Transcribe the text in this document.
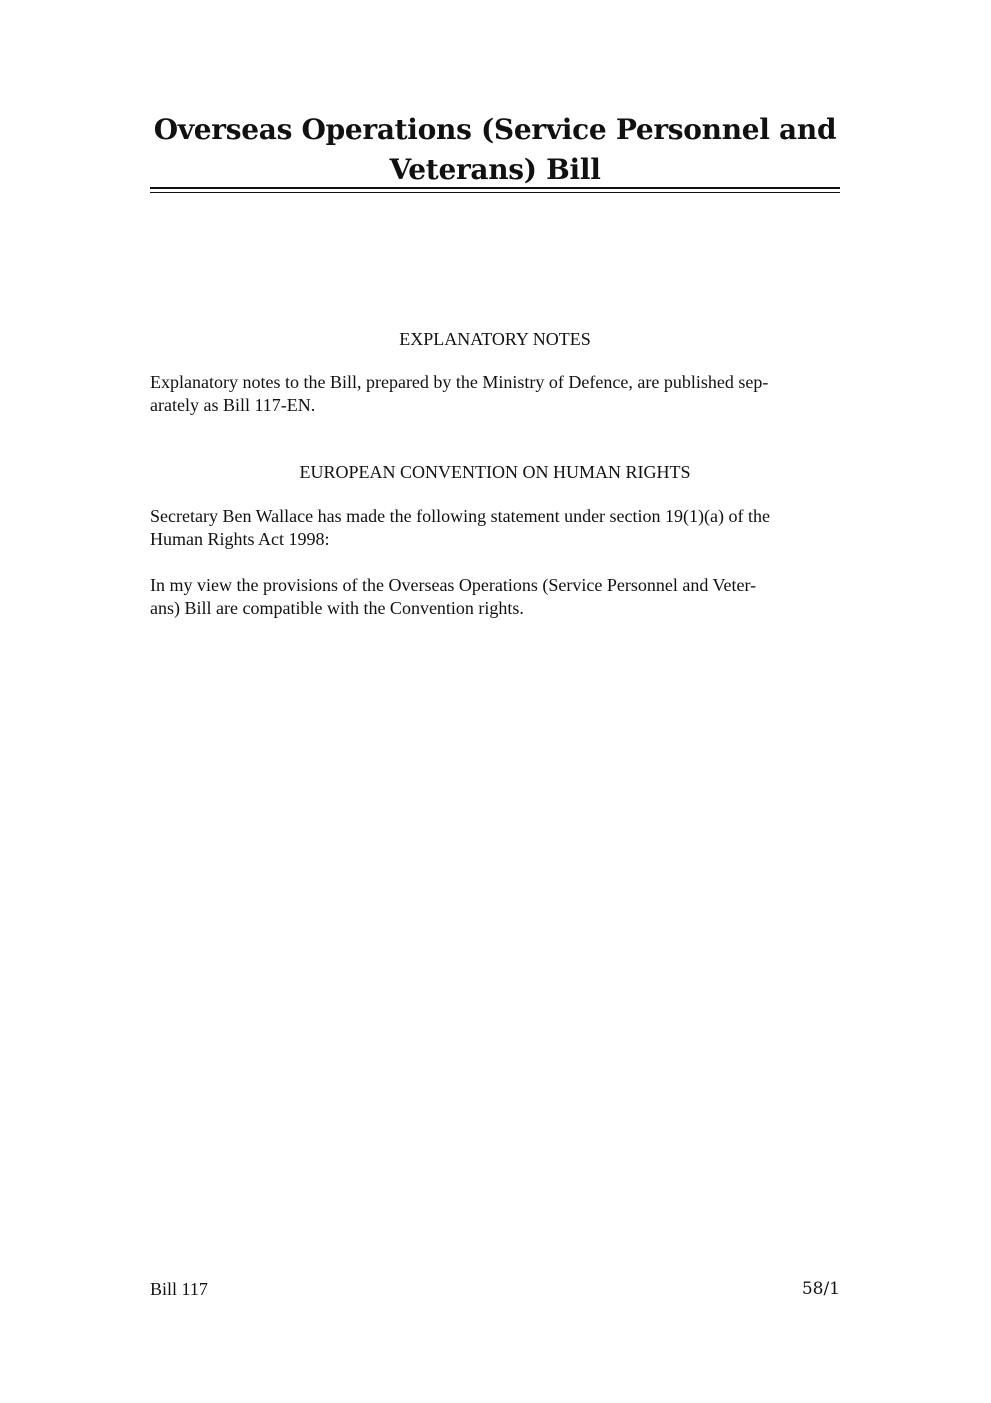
Overseas Operations (Service Personnel and
Veterans) Bill
EXPLANATORY NOTES

Explanatory notes to the Bill, prepared by the Ministry of Defence, are published sep-
arately as Bill 117-EN.

EUROPEAN CONVENTION ON HUMAN RIGHTS

Secretary Ben Wallace has made the following statement under section 19(1)(a) of the
Human Rights Act 1998:

In my view the provisions of the Overseas Operations (Service Personnel and Veter-
ans) Bill are compatible with the Convention rights.

Bill 117	58/1
